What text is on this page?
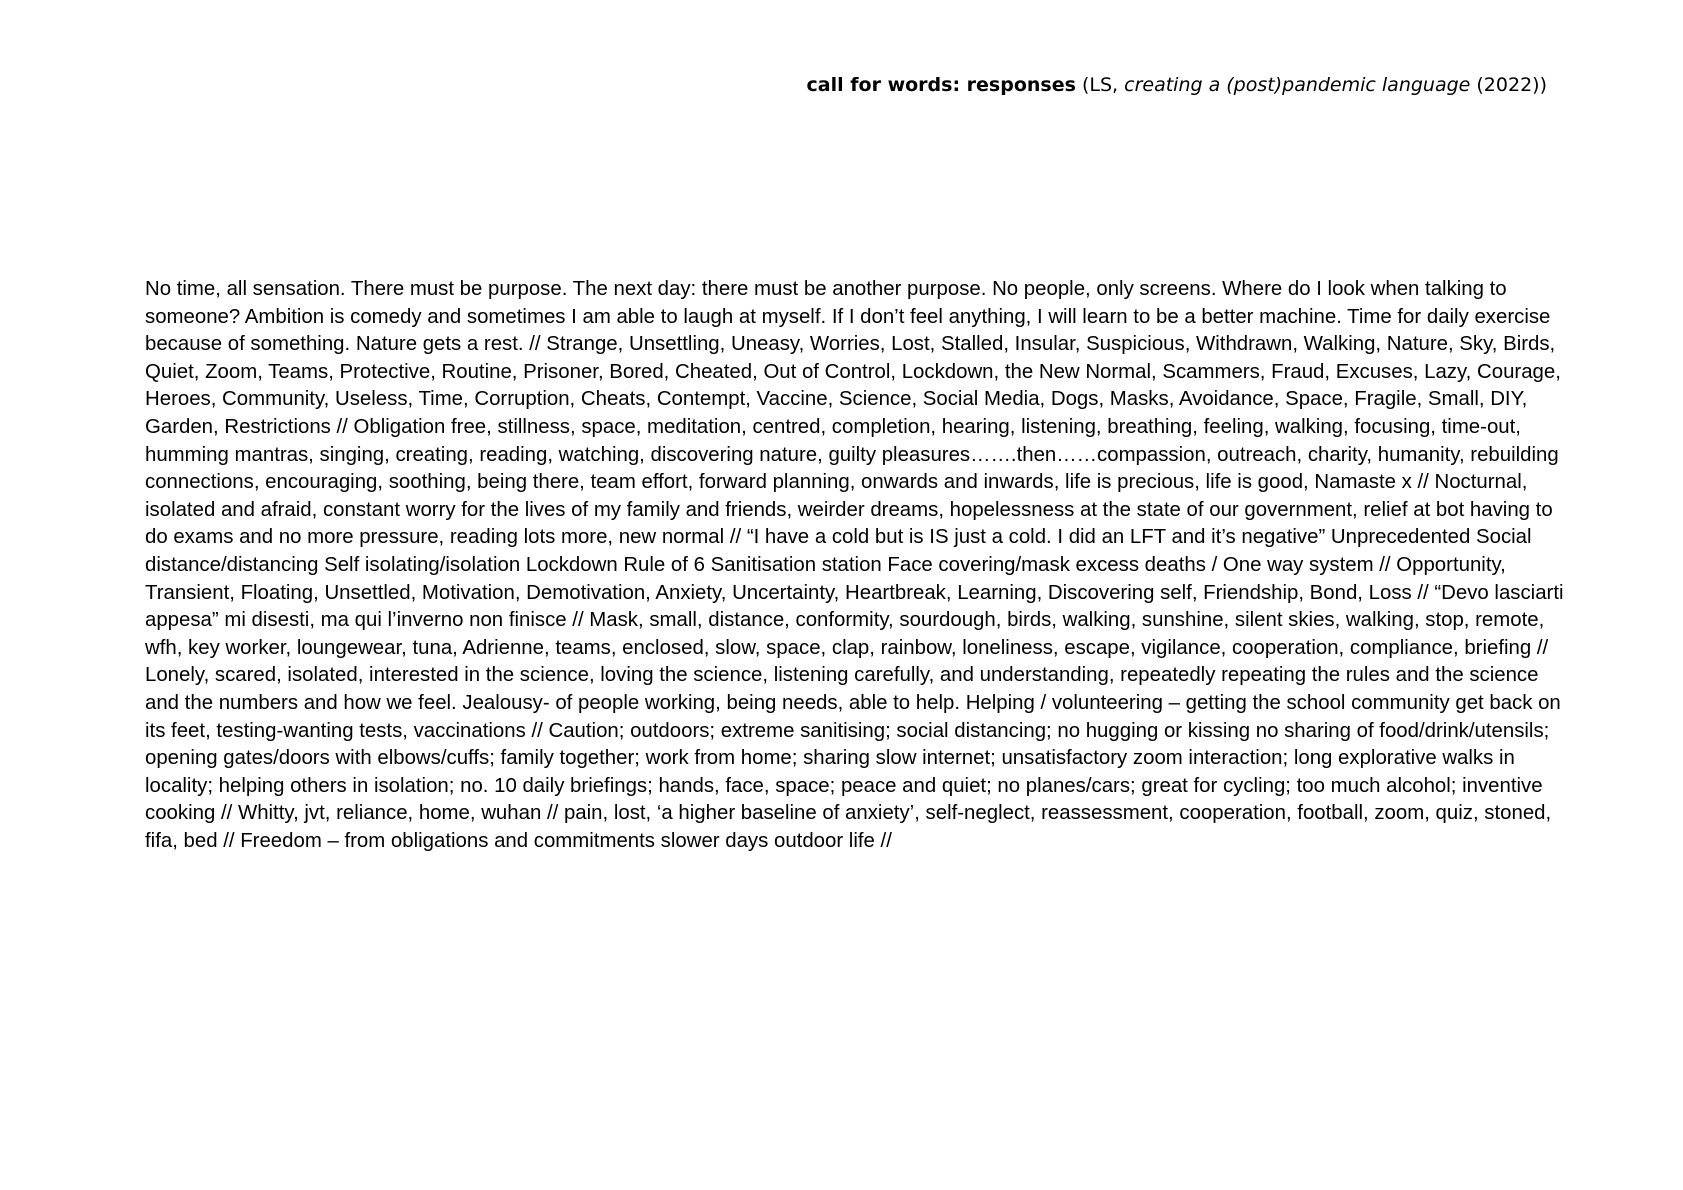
call for words: responses (LS, creating a (post)pandemic language (2022))

No time, all sensation. There must be purpose. The next day: there must be another purpose. No people, only screens. Where do I look when talking to someone? Ambition is comedy and sometimes I am able to laugh at myself. If I don’t feel anything, I will learn to be a better machine. Time for daily exercise because of something. Nature gets a rest. // Strange, Unsettling, Uneasy, Worries, Lost, Stalled, Insular, Suspicious, Withdrawn, Walking, Nature, Sky, Birds, Quiet, Zoom, Teams, Protective, Routine, Prisoner, Bored, Cheated, Out of Control, Lockdown, the New Normal, Scammers, Fraud, Excuses, Lazy, Courage, Heroes, Community, Useless, Time, Corruption, Cheats, Contempt, Vaccine, Science, Social Media, Dogs, Masks, Avoidance, Space, Fragile, Small, DIY, Garden, Restrictions // Obligation free, stillness, space, meditation, centred, completion, hearing, listening, breathing, feeling, walking, focusing, time-out, humming mantras, singing, creating, reading, watching, discovering nature, guilty pleasures…….then……compassion, outreach, charity, humanity, rebuilding connections, encouraging, soothing, being there, team effort, forward planning, onwards and inwards, life is precious, life is good, Namaste x // Nocturnal, isolated and afraid, constant worry for the lives of my family and friends, weirder dreams, hopelessness at the state of our government, relief at bot having to do exams and no more pressure, reading lots more, new normal // “I have a cold but is IS just a cold. I did an LFT and it’s negative” Unprecedented Social distance/distancing Self isolating/isolation Lockdown Rule of 6 Sanitisation station Face covering/mask excess deaths / One way system // Opportunity, Transient, Floating, Unsettled, Motivation, Demotivation, Anxiety, Uncertainty, Heartbreak, Learning, Discovering self, Friendship, Bond, Loss // “Devo lasciarti appesa” mi disesti, ma qui l’inverno non finisce // Mask, small, distance, conformity, sourdough, birds, walking, sunshine, silent skies, walking, stop, remote, wfh, key worker, loungewear, tuna, Adrienne, teams, enclosed, slow, space, clap, rainbow, loneliness, escape, vigilance, cooperation, compliance, briefing // Lonely, scared, isolated, interested in the science, loving the science, listening carefully, and understanding, repeatedly repeating the rules and the science and the numbers and how we feel. Jealousy- of people working, being needs, able to help. Helping / volunteering – getting the school community get back on its feet, testing-wanting tests, vaccinations // Caution; outdoors; extreme sanitising; social distancing; no hugging or kissing no sharing of food/drink/utensils; opening gates/doors with elbows/cuffs; family together; work from home; sharing slow internet; unsatisfactory zoom interaction; long explorative walks in locality; helping others in isolation; no. 10 daily briefings; hands, face, space; peace and quiet; no planes/cars; great for cycling; too much alcohol; inventive cooking // Whitty, jvt, reliance, home, wuhan // pain, lost, ‘a higher baseline of anxiety’, self-neglect, reassessment, cooperation, football, zoom, quiz, stoned, fifa, bed // Freedom – from obligations and commitments slower days outdoor life //
